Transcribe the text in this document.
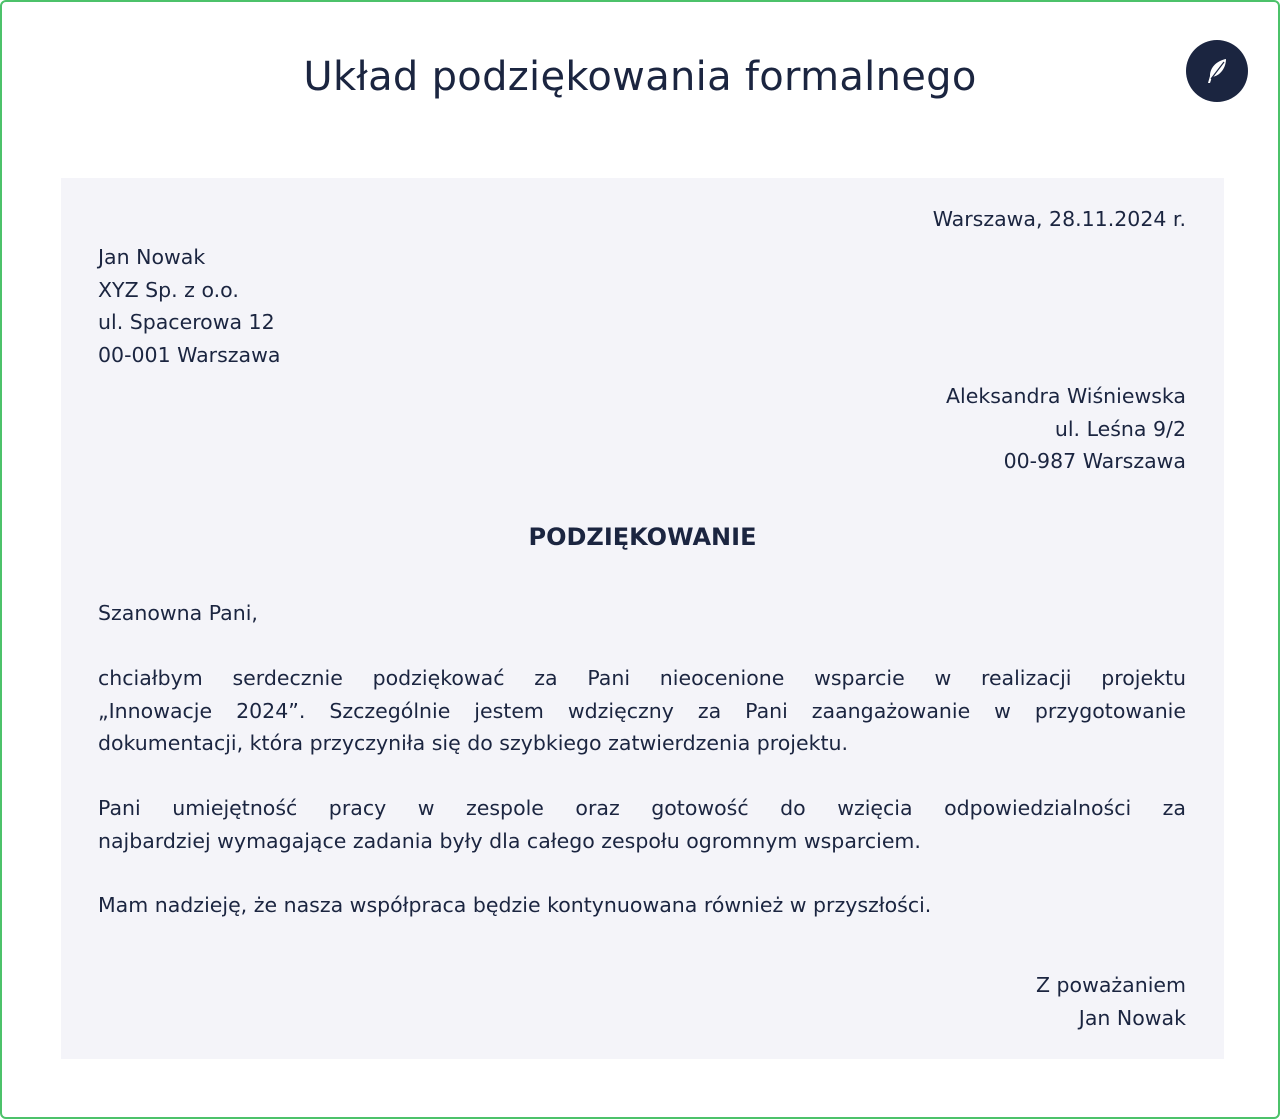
Układ podziękowania formalnego
Warszawa, 28.11.2024 r.
Jan Nowak
XYZ Sp. z o.o.
ul. Spacerowa 12
00-001 Warszawa
Aleksandra Wiśniewska
ul. Leśna 9/2
00-987 Warszawa
PODZIĘKOWANIE
Szanowna Pani,
chciałbym serdecznie podziękować za Pani nieocenione wsparcie w realizacji projektu
„Innowacje 2024”. Szczególnie jestem wdzięczny za Pani zaangażowanie w przygotowanie
dokumentacji, która przyczyniła się do szybkiego zatwierdzenia projektu.
Pani umiejętność pracy w zespole oraz gotowość do wzięcia odpowiedzialności za
najbardziej wymagające zadania były dla całego zespołu ogromnym wsparciem.
Mam nadzieję, że nasza współpraca będzie kontynuowana również w przyszłości.
Z poważaniem
Jan Nowak
